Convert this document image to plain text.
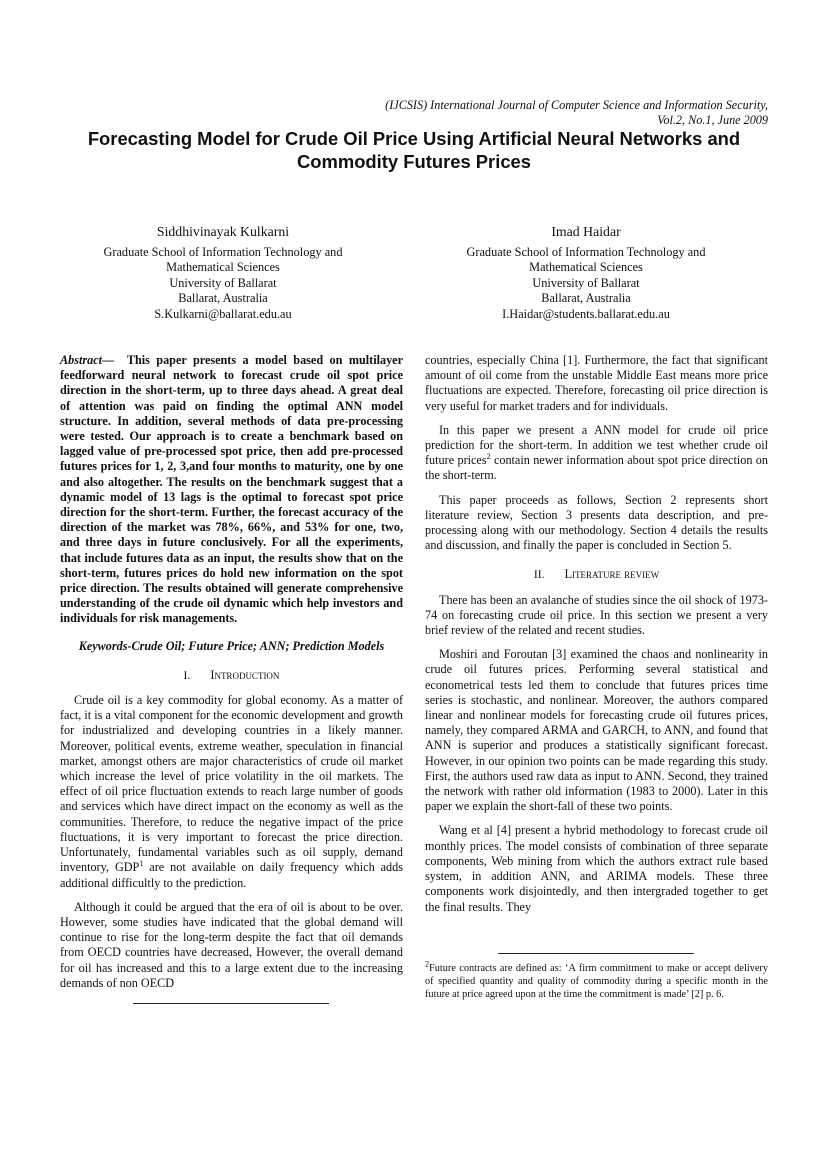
(IJCSIS) International Journal of Computer Science and Information Security,
Vol.2, No.1, June 2009
Forecasting Model for Crude Oil Price Using Artificial Neural Networks and
Commodity Futures Prices
Siddhivinayak Kulkarni
Graduate School of Information Technology and
Mathematical Sciences
University of Ballarat
Ballarat, Australia
S.Kulkarni@ballarat.edu.au
Imad Haidar
Graduate School of Information Technology and
Mathematical Sciences
University of Ballarat
Ballarat, Australia
I.Haidar@students.ballarat.edu.au

Abstract— This paper presents a model based on multilayer feedforward neural network to forecast crude oil spot price direction in the short-term, up to three days ahead. A great deal of attention was paid on finding the optimal ANN model structure. In addition, several methods of data pre-processing were tested. Our approach is to create a benchmark based on lagged value of pre-processed spot price, then add pre-processed futures prices for 1, 2, 3,and four months to maturity, one by one and also altogether. The results on the benchmark suggest that a dynamic model of 13 lags is the optimal to forecast spot price direction for the short-term. Further, the forecast accuracy of the direction of the market was 78%, 66%, and 53% for one, two, and three days in future conclusively. For all the experiments, that include futures data as an input, the results show that on the short-term, futures prices do hold new information on the spot price direction. The results obtained will generate comprehensive understanding of the crude oil dynamic which help investors and individuals for risk managements.

Keywords-Crude Oil; Future Price; ANN; Prediction Models

I. Introduction

Crude oil is a key commodity for global economy. As a matter of fact, it is a vital component for the economic development and growth for industrialized and developing countries in a likely manner. Moreover, political events, extreme weather, speculation in financial market, amongst others are major characteristics of crude oil market which increase the level of price volatility in the oil markets. The effect of oil price fluctuation extends to reach large number of goods and services which have direct impact on the economy as well as the communities. Therefore, to reduce the negative impact of the price fluctuations, it is very important to forecast the price direction. Unfortunately, fundamental variables such as oil supply, demand inventory, GDP$^1$ are not available on daily frequency which adds additional difficultly to the prediction.

Although it could be argued that the era of oil is about to be over. However, some studies have indicated that the global demand will continue to rise for the long-term despite the fact that oil demands from OECD countries have decreased, However, the overall demand for oil has increased and this to a large extent due to the increasing demands of non OECD

countries, especially China [1]. Furthermore, the fact that significant amount of oil come from the unstable Middle East means more price fluctuations are expected. Therefore, forecasting oil price direction is very useful for market traders and for individuals.

In this paper we present a ANN model for crude oil price prediction for the short-term. In addition we test whether crude oil future prices$^2$ contain newer information about spot price direction on the short-term.

This paper proceeds as follows, Section 2 represents short literature review, Section 3 presents data description, and pre-processing along with our methodology. Section 4 details the results and discussion, and finally the paper is concluded in Section 5.

II. Literature review

There has been an avalanche of studies since the oil shock of 1973-74 on forecasting crude oil price. In this section we present a very brief review of the related and recent studies.

Moshiri and Foroutan [3] examined the chaos and nonlinearity in crude oil futures prices. Performing several statistical and econometrical tests led them to conclude that futures prices time series is stochastic, and nonlinear. Moreover, the authors compared linear and nonlinear models for forecasting crude oil futures prices, namely, they compared ARMA and GARCH, to ANN, and found that ANN is superior and produces a statistically significant forecast. However, in our opinion two points can be made regarding this study. First, the authors used raw data as input to ANN. Second, they trained the network with rather old information (1983 to 2000). Later in this paper we explain the short-fall of these two points.

Wang et al [4] present a hybrid methodology to forecast crude oil monthly prices. The model consists of combination of three separate components, Web mining from which the authors extract rule based system, in addition ANN, and ARIMA models. These three components work disjointedly, and then intergraded together to get the final results. They

$^2$Future contracts are defined as: ‘A firm commitment to make or accept delivery of specified quantity and quality of commodity during a specific month in the future at price agreed upon at the time the commitment is made’ [2] p. 6.
